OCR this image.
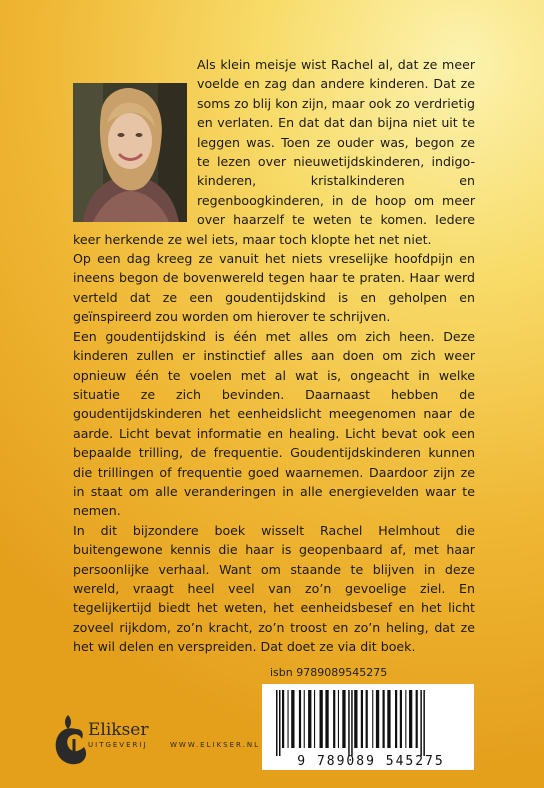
Als klein meisje wist Rachel al, dat ze meer voelde en zag dan andere kinderen. Dat ze soms zo blij kon zijn, maar ook zo verdrietig en verlaten. En dat dat dan bijna niet uit te leggen was. Toen ze ouder was, begon ze te lezen over nieuwetijdskinderen, indigo-kinderen, kristalkinderen en regenboogkinderen, in de hoop om meer over haarzelf te weten te komen. Iedere keer herkende ze wel iets, maar toch klopte het net niet.

Op een dag kreeg ze vanuit het niets vreselijke hoofdpijn en ineens begon de bovenwereld tegen haar te praten. Haar werd verteld dat ze een goudentijdskind is en geholpen en geïnspireerd zou worden om hierover te schrijven.

Een goudentijdskind is één met alles om zich heen. Deze kinderen zullen er instinctief alles aan doen om zich weer opnieuw één te voelen met al wat is, ongeacht in welke situatie ze zich bevinden. Daarnaast hebben de goudentijdskinderen het eenheidslicht meegenomen naar de aarde. Licht bevat informatie en healing. Licht bevat ook een bepaalde trilling, de frequentie. Goudentijdskinderen kunnen die trillingen of frequentie goed waarnemen. Daardoor zijn ze in staat om alle veranderingen in alle energievelden waar te nemen.

In dit bijzondere boek wisselt Rachel Helmhout die buitengewone kennis die haar is geopenbaard af, met haar persoonlijke verhaal. Want om staande te blijven in deze wereld, vraagt heel veel van zo’n gevoelige ziel. En tegelijkertijd biedt het weten, het eenheidsbesef en het licht zoveel rijkdom, zo’n kracht, zo’n troost en zo’n heling, dat ze het wil delen en verspreiden. Dat doet ze via dit boek.

isbn 9789089545275
9 789089 545275
Elikser
UITGEVERIJ	WWW.ELIKSER.NL
